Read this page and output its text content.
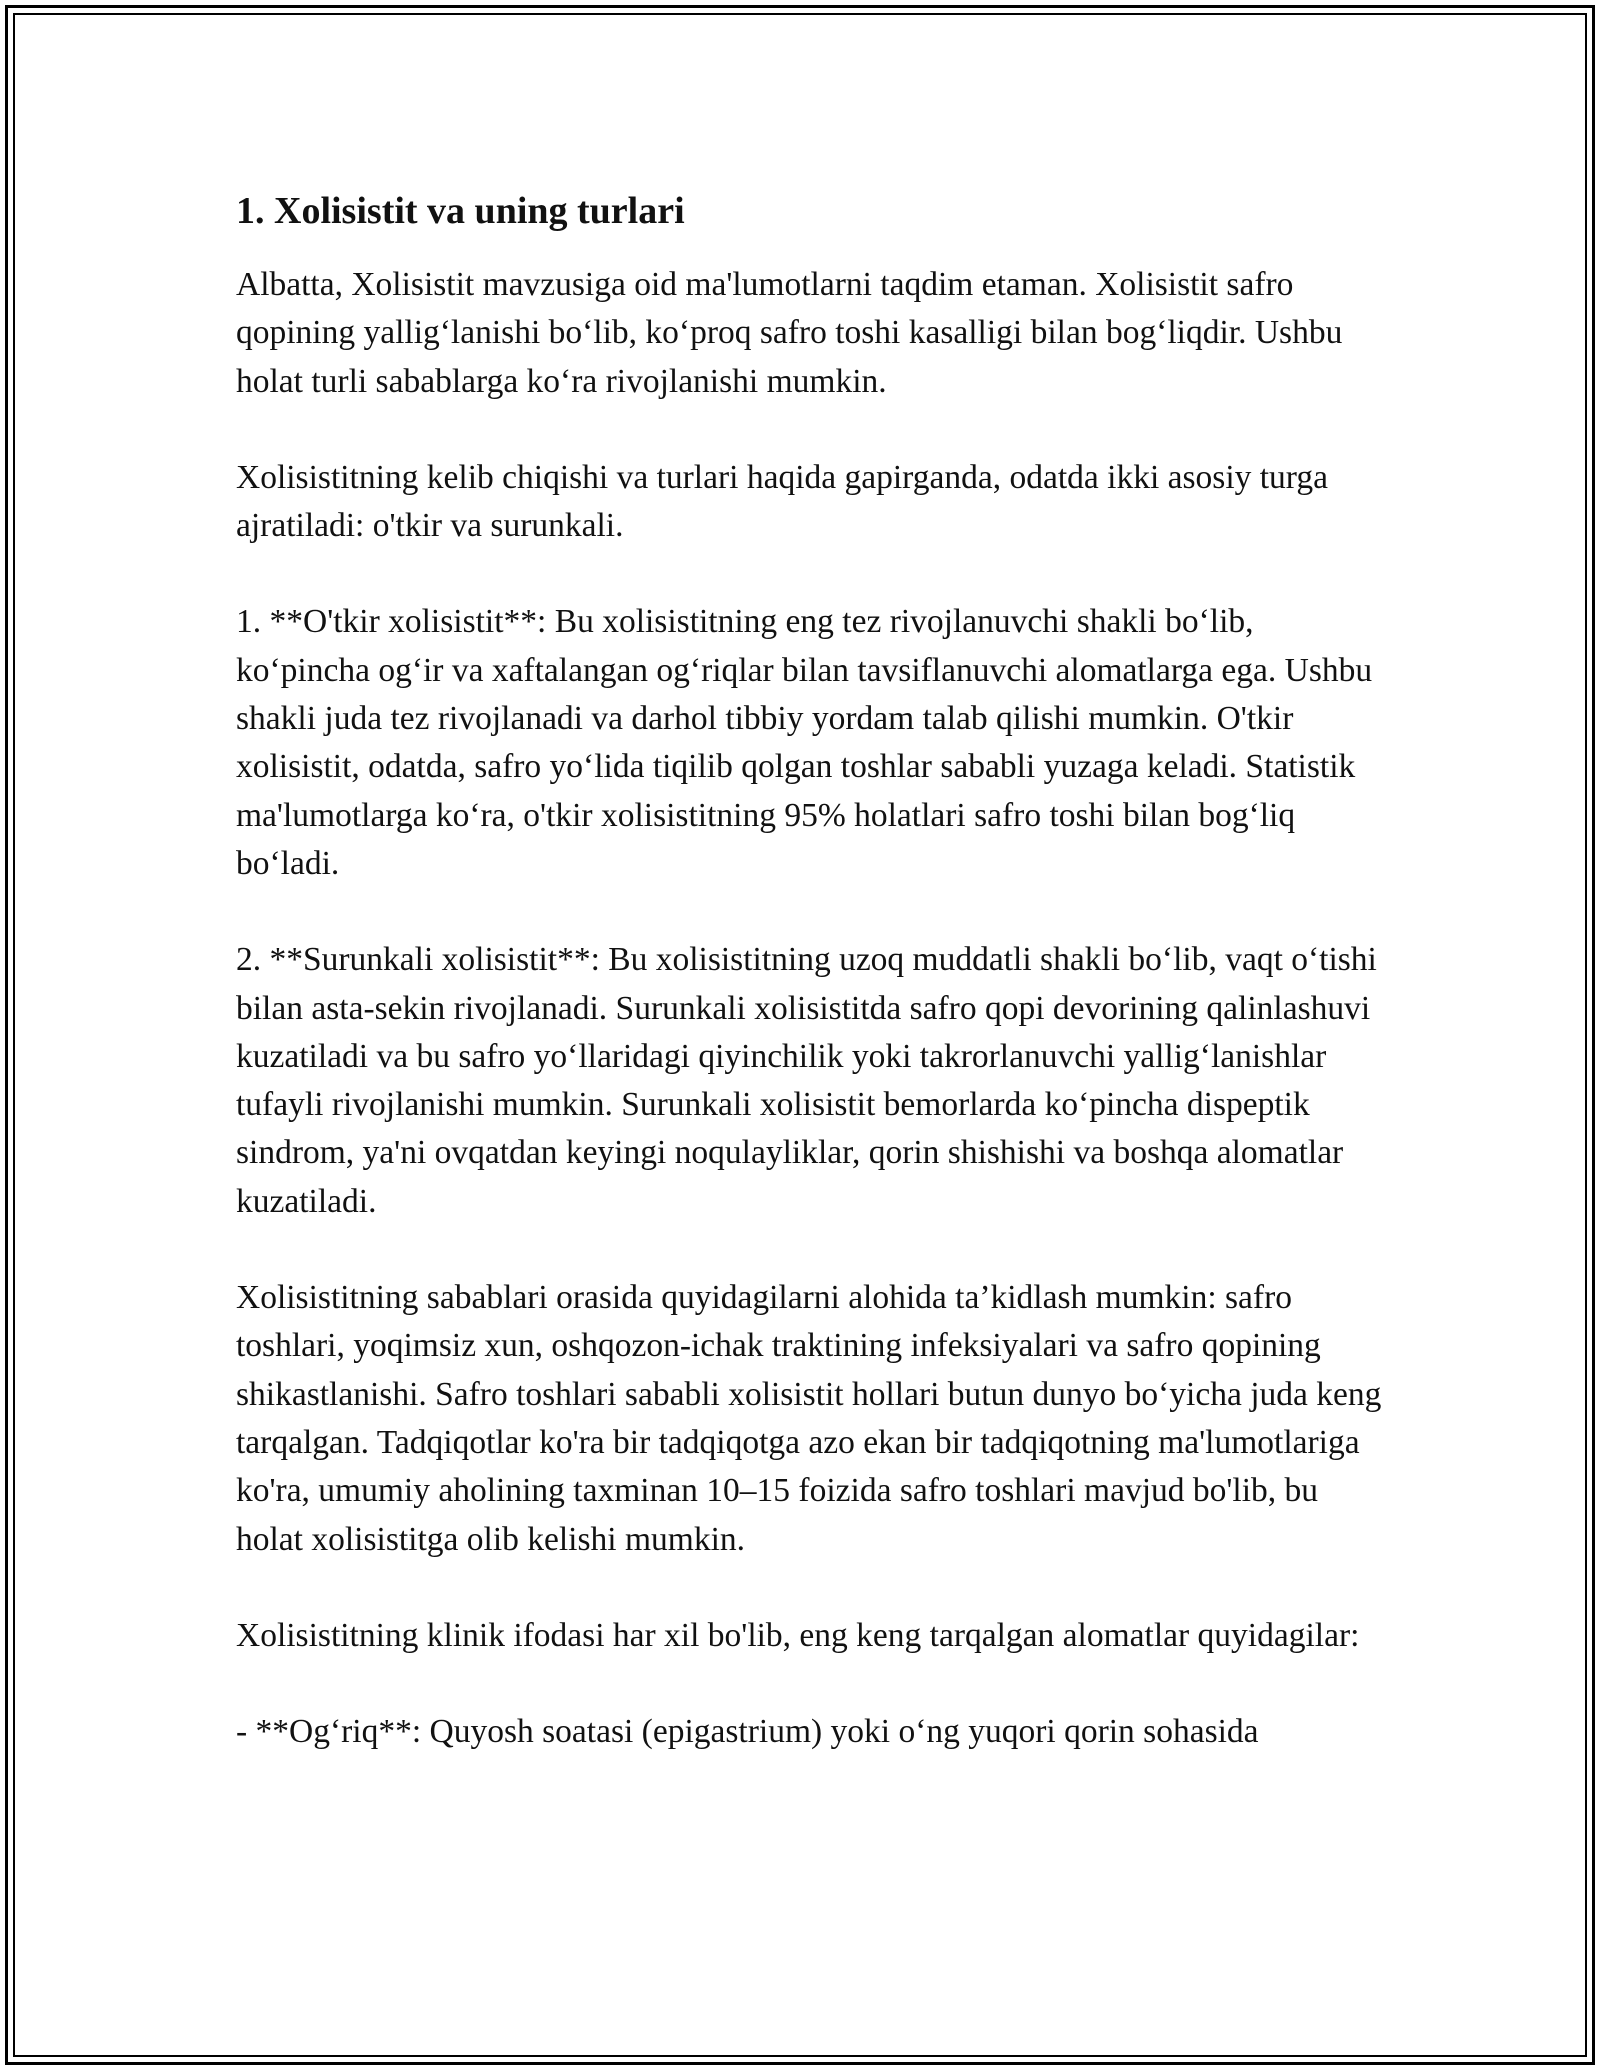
1. Xolisistit va uning turlari

Albatta, Xolisistit mavzusiga oid ma'lumotlarni taqdim etaman. Xolisistit safro qopining yallig‘lanishi bo‘lib, ko‘proq safro toshi kasalligi bilan bog‘liqdir. Ushbu holat turli sabablarga ko‘ra rivojlanishi mumkin.

Xolisistitning kelib chiqishi va turlari haqida gapirganda, odatda ikki asosiy turga ajratiladi: o'tkir va surunkali.

1. **O'tkir xolisistit**: Bu xolisistitning eng tez rivojlanuvchi shakli bo‘lib, ko‘pincha og‘ir va xaftalangan og‘riqlar bilan tavsiflanuvchi alomatlarga ega. Ushbu shakli juda tez rivojlanadi va darhol tibbiy yordam talab qilishi mumkin. O'tkir xolisistit, odatda, safro yo‘lida tiqilib qolgan toshlar sababli yuzaga keladi. Statistik ma'lumotlarga ko‘ra, o'tkir xolisistitning 95% holatlari safro toshi bilan bog‘liq bo‘ladi.

2. **Surunkali xolisistit**: Bu xolisistitning uzoq muddatli shakli bo‘lib, vaqt o‘tishi bilan asta-sekin rivojlanadi. Surunkali xolisistitda safro qopi devorining qalinlashuvi kuzatiladi va bu safro yo‘llaridagi qiyinchilik yoki takrorlanuvchi yallig‘lanishlar tufayli rivojlanishi mumkin. Surunkali xolisistit bemorlarda ko‘pincha dispeptik sindrom, ya'ni ovqatdan keyingi noqulayliklar, qorin shishishi va boshqa alomatlar kuzatiladi.

Xolisistitning sabablari orasida quyidagilarni alohida ta’kidlash mumkin: safro toshlari, yoqimsiz xun, oshqozon-ichak traktining infeksiyalari va safro qopining shikastlanishi. Safro toshlari sababli xolisistit hollari butun dunyo bo‘yicha juda keng tarqalgan. Tadqiqotlar ko'ra bir tadqiqotga azo ekan bir tadqiqotning ma'lumotlariga ko'ra, umumiy aholining taxminan 10–15 foizida safro toshlari mavjud bo'lib, bu holat xolisistitga olib kelishi mumkin.

Xolisistitning klinik ifodasi har xil bo'lib, eng keng tarqalgan alomatlar quyidagilar:

- **Og‘riq**: Quyosh soatasi (epigastrium) yoki o‘ng yuqori qorin sohasida
